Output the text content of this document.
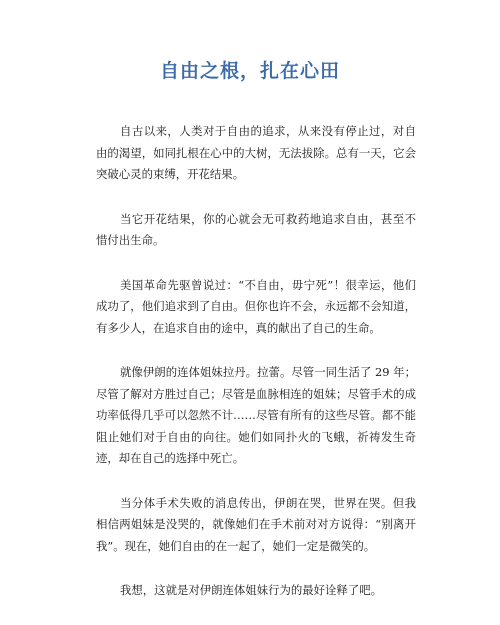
自由之根，扎在心田

自古以来，人类对于自由的追求，从来没有停止过，对自由的渴望，如同扎根在心中的大树，无法拔除。总有一天，它会突破心灵的束缚，开花结果。

当它开花结果，你的心就会无可救药地追求自由，甚至不惜付出生命。

美国革命先驱曾说过：“不自由，毋宁死”！很幸运，他们成功了，他们追求到了自由。但你也许不会，永远都不会知道，有多少人，在追求自由的途中，真的献出了自己的生命。

就像伊朗的连体姐妹拉丹。拉蕾。尽管一同生活了 29 年；尽管了解对方胜过自己；尽管是血脉相连的姐妹；尽管手术的成功率低得几乎可以忽然不计……尽管有所有的这些尽管。都不能阻止她们对于自由的向往。她们如同扑火的飞蛾，祈祷发生奇迹，却在自己的选择中死亡。

当分体手术失败的消息传出，伊朗在哭，世界在哭。但我相信两姐妹是没哭的，就像她们在手术前对对方说得：“别离开我”。现在，她们自由的在一起了，她们一定是微笑的。

我想，这就是对伊朗连体姐妹行为的最好诠释了吧。
